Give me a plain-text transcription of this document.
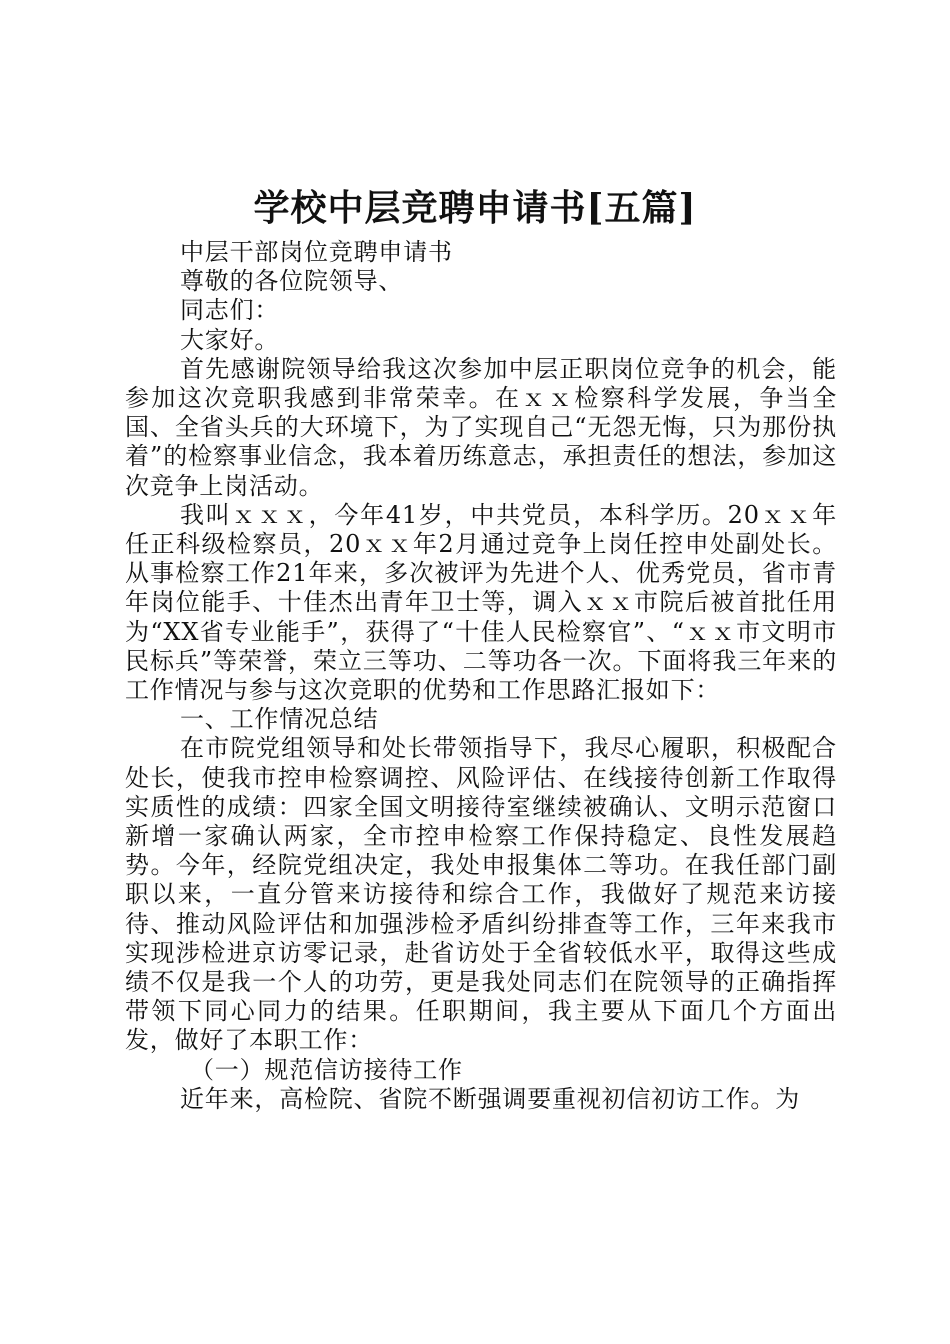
学校中层竞聘申请书[五篇]

中层干部岗位竞聘申请书

尊敬的各位院领导、

同志们：

大家好。

首先感谢院领导给我这次参加中层正职岗位竞争的机会，能参加这次竞职我感到非常荣幸。在ｘｘ检察科学发展，争当全国、全省头兵的大环境下，为了实现自己“无怨无悔，只为那份执着”的检察事业信念，我本着历练意志，承担责任的想法，参加这次竞争上岗活动。

我叫ｘｘｘ，今年41岁，中共党员，本科学历。20ｘｘ年任正科级检察员，20ｘｘ年2月通过竞争上岗任控申处副处长。从事检察工作21年来，多次被评为先进个人、优秀党员，省市青年岗位能手、十佳杰出青年卫士等，调入ｘｘ市院后被首批任用为“XX省专业能手”，获得了“十佳人民检察官”、“ｘｘ市文明市民标兵”等荣誉，荣立三等功、二等功各一次。下面将我三年来的工作情况与参与这次竞职的优势和工作思路汇报如下：

一、工作情况总结

在市院党组领导和处长带领指导下，我尽心履职，积极配合处长，使我市控申检察调控、风险评估、在线接待创新工作取得实质性的成绩：四家全国文明接待室继续被确认、文明示范窗口新增一家确认两家，全市控申检察工作保持稳定、良性发展趋势。今年，经院党组决定，我处申报集体二等功。在我任部门副职以来，一直分管来访接待和综合工作，我做好了规范来访接待、推动风险评估和加强涉检矛盾纠纷排查等工作，三年来我市实现涉检进京访零记录，赴省访处于全省较低水平，取得这些成绩不仅是我一个人的功劳，更是我处同志们在院领导的正确指挥带领下同心同力的结果。任职期间，我主要从下面几个方面出发，做好了本职工作：

（一）规范信访接待工作

近年来，高检院、省院不断强调要重视初信初访工作。为
